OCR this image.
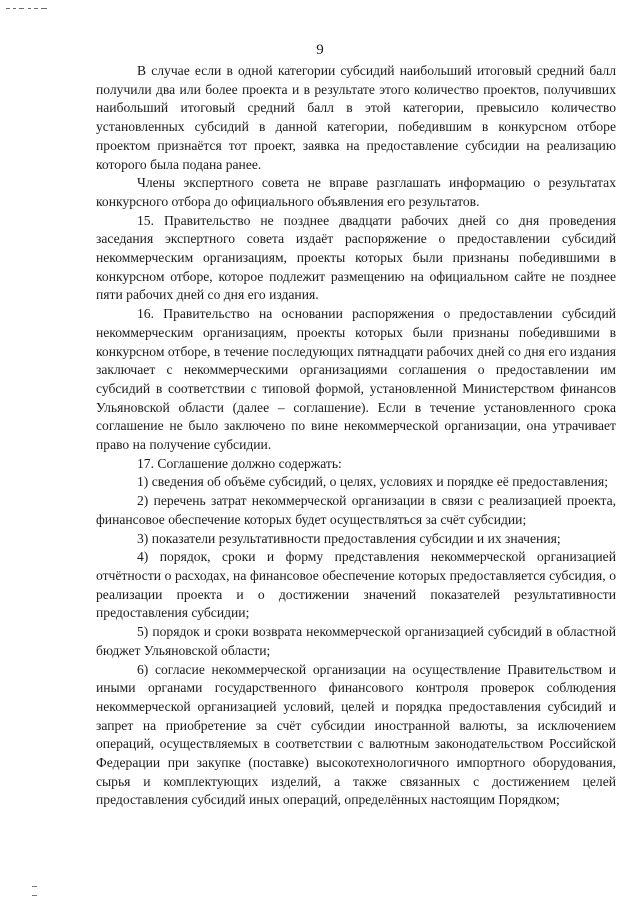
9

В случае если в одной категории субсидий наибольший итоговый средний балл получили два или более проекта и в результате этого количество проектов, получивших наибольший итоговый средний балл в этой категории, превысило количество установленных субсидий в данной категории, победившим в конкурсном отборе проектом признаётся тот проект, заявка на предоставление субсидии на реализацию которого была подана ранее.

Члены экспертного совета не вправе разглашать информацию о результатах конкурсного отбора до официального объявления его результатов.

15. Правительство не позднее двадцати рабочих дней со дня проведения заседания экспертного совета издаёт распоряжение о предоставлении субсидий некоммерческим организациям, проекты которых были признаны победившими в конкурсном отборе, которое подлежит размещению на официальном сайте не позднее пяти рабочих дней со дня его издания.

16. Правительство на основании распоряжения о предоставлении субсидий некоммерческим организациям, проекты которых были признаны победившими в конкурсном отборе, в течение последующих пятнадцати рабочих дней со дня его издания заключает с некоммерческими организациями соглашения о предоставлении им субсидий в соответствии с типовой формой, установленной Министерством финансов Ульяновской области (далее – соглашение). Если в течение установленного срока соглашение не было заключено по вине некоммерческой организации, она утрачивает право на получение субсидии.

17. Соглашение должно содержать:

1) сведения об объёме субсидий, о целях, условиях и порядке её предоставления;

2) перечень затрат некоммерческой организации в связи с реализацией проекта, финансовое обеспечение которых будет осуществляться за счёт субсидии;

3) показатели результативности предоставления субсидии и их значения;

4) порядок, сроки и форму представления некоммерческой организацией отчётности о расходах, на финансовое обеспечение которых предоставляется субсидия, о реализации проекта и о достижении значений показателей результативности предоставления субсидии;

5) порядок и сроки возврата некоммерческой организацией субсидий в областной бюджет Ульяновской области;

6) согласие некоммерческой организации на осуществление Правительством и иными органами государственного финансового контроля проверок соблюдения некоммерческой организацией условий, целей и порядка предоставления субсидий и запрет на приобретение за счёт субсидии иностранной валюты, за исключением операций, осуществляемых в соответствии с валютным законодательством Российской Федерации при закупке (поставке) высокотехнологичного импортного оборудования, сырья и комплектующих изделий, а также связанных с достижением целей предоставления субсидий иных операций, определённых настоящим Порядком;
